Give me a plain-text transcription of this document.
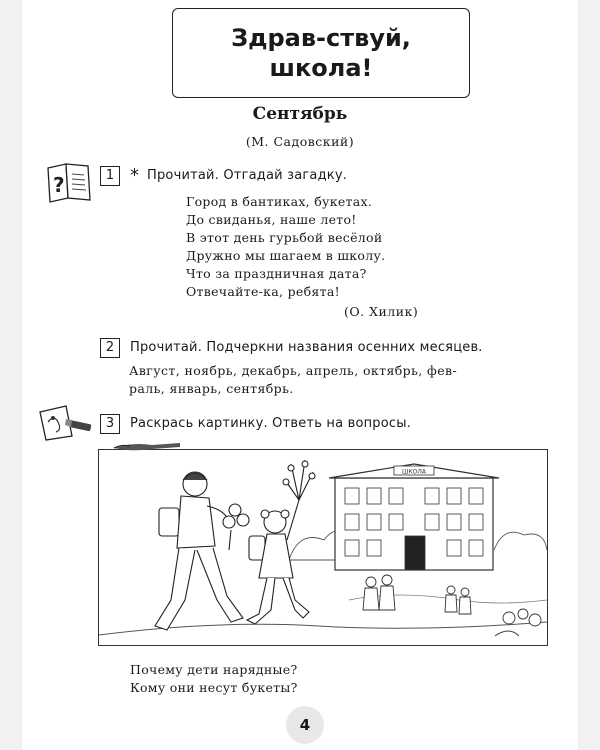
Здрав-ствуй,
школа!
Сентябрь
(М. Садовский)
?	1 * Прочитай. Отгадай загадку.
Город в бантиках, букетах.
До свиданья, наше лето!
В этот день гурьбой весёлой
Дружно мы шагаем в школу.
Что за праздничная дата?
Отвечайте-ка, ребята!
(О. Хилик)
2	Прочитай. Подчеркни названия осенних месяцев.
Август, ноябрь, декабрь, апрель, октябрь, фев-
раль, январь, сентябрь.
3	Раскрась картинку. Ответь на вопросы.
ШКОЛА
Почему дети нарядные?
Кому они несут букеты?
4
